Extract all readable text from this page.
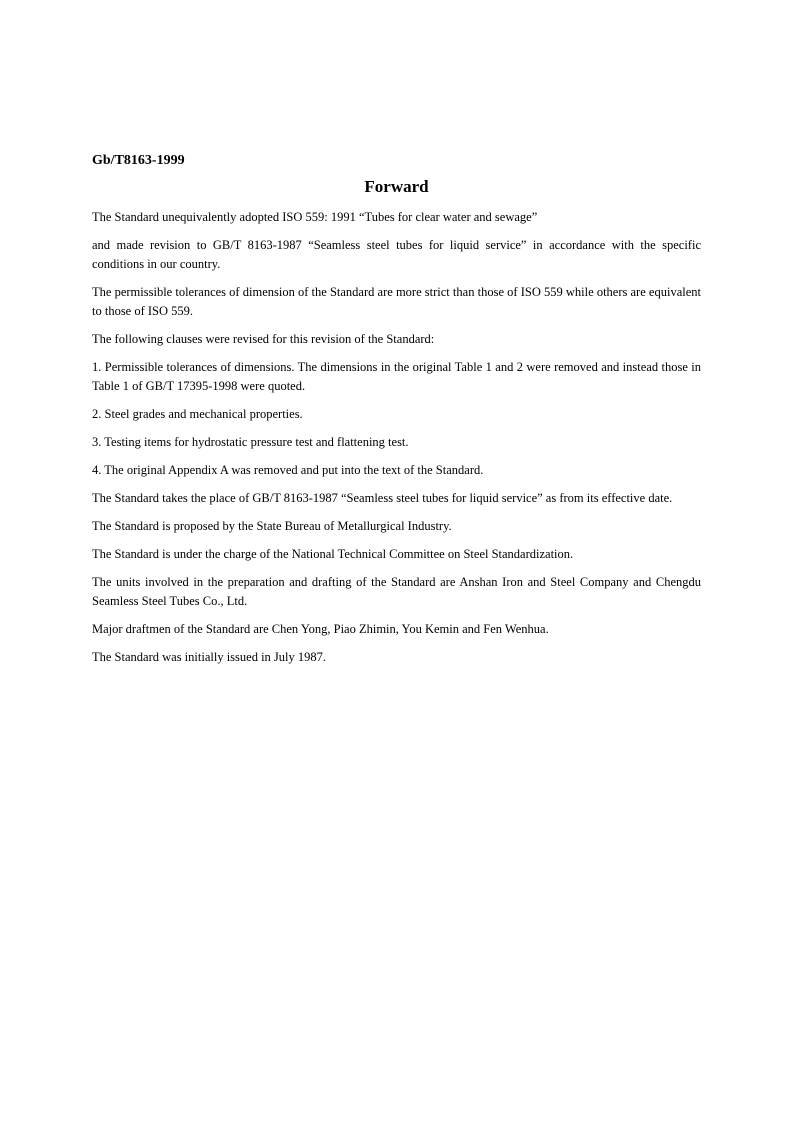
Gb/T8163-1999

Forward

The Standard unequivalently adopted ISO 559: 1991 “Tubes for clear water and sewage”

and made revision to GB/T 8163-1987 “Seamless steel tubes for liquid service” in accordance with the specific conditions in our country.

The permissible tolerances of dimension of the Standard are more strict than those of ISO 559 while others are equivalent to those of ISO 559.

The following clauses were revised for this revision of the Standard:

1. Permissible tolerances of dimensions. The dimensions in the original Table 1 and 2 were removed and instead those in Table 1 of GB/T 17395-1998 were quoted.

2. Steel grades and mechanical properties.

3. Testing items for hydrostatic pressure test and flattening test.

4. The original Appendix A was removed and put into the text of the Standard.

The Standard takes the place of GB/T 8163-1987 “Seamless steel tubes for liquid service” as from its effective date.

The Standard is proposed by the State Bureau of Metallurgical Industry.

The Standard is under the charge of the National Technical Committee on Steel Standardization.

The units involved in the preparation and drafting of the Standard are Anshan Iron and Steel Company and Chengdu Seamless Steel Tubes Co., Ltd.

Major draftmen of the Standard are Chen Yong, Piao Zhimin, You Kemin and Fen Wenhua.

The Standard was initially issued in July 1987.
